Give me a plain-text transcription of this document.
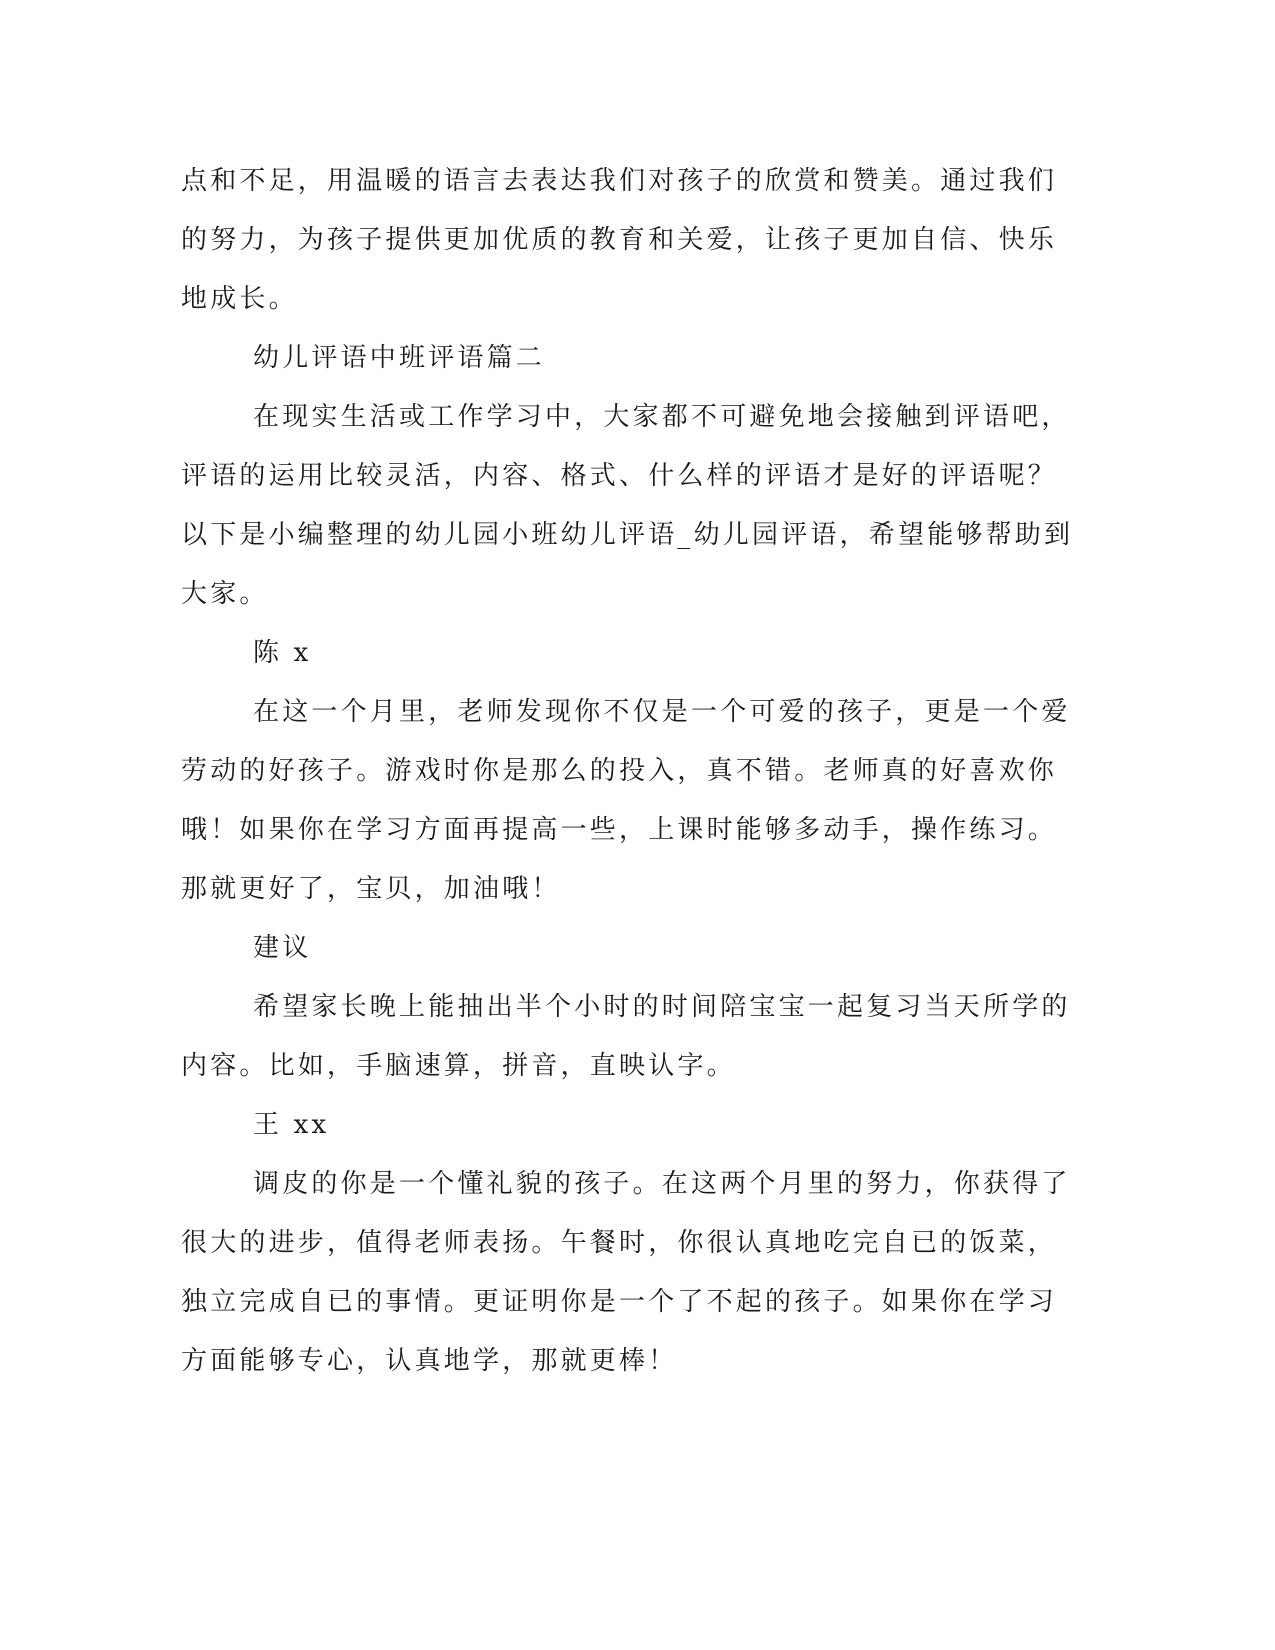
点和不足，用温暖的语言去表达我们对孩子的欣赏和赞美。通过我们
的努力，为孩子提供更加优质的教育和关爱，让孩子更加自信、快乐
地成长。
幼儿评语中班评语篇二
在现实生活或工作学习中，大家都不可避免地会接触到评语吧，
评语的运用比较灵活，内容、格式、什么样的评语才是好的评语呢？
以下是小编整理的幼儿园小班幼儿评语_幼儿园评语，希望能够帮助到
大家。
陈 x
在这一个月里，老师发现你不仅是一个可爱的孩子，更是一个爱
劳动的好孩子。游戏时你是那么的投入，真不错。老师真的好喜欢你
哦！如果你在学习方面再提高一些，上课时能够多动手，操作练习。
那就更好了，宝贝，加油哦！
建议
希望家长晚上能抽出半个小时的时间陪宝宝一起复习当天所学的
内容。比如，手脑速算，拼音，直映认字。
王 xx
调皮的你是一个懂礼貌的孩子。在这两个月里的努力，你获得了
很大的进步，值得老师表扬。午餐时，你很认真地吃完自已的饭菜，
独立完成自已的事情。更证明你是一个了不起的孩子。如果你在学习
方面能够专心，认真地学，那就更棒！
